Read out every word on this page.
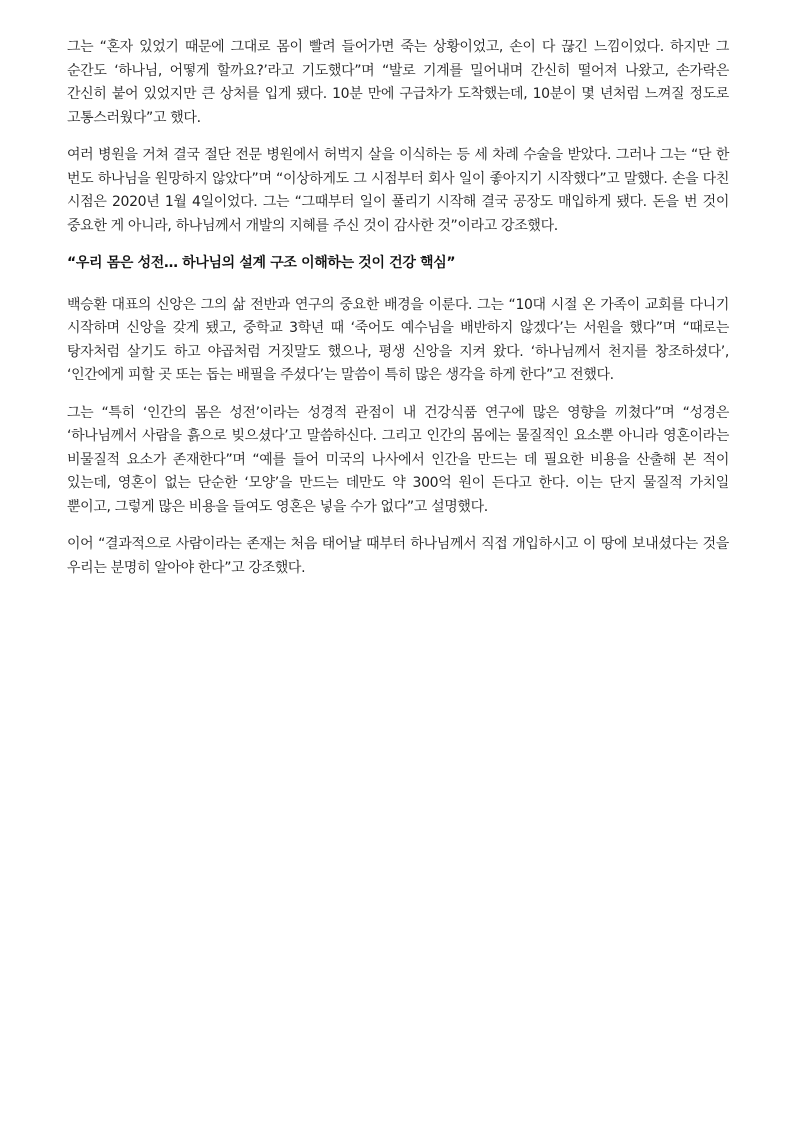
그는 “혼자 있었기 때문에 그대로 몸이 빨려 들어가면 죽는 상황이었고, 손이 다 끊긴 느낌이었다. 하지만 그 순간도 ‘하나님, 어떻게 할까요?’라고 기도했다”며 “발로 기계를 밀어내며 간신히 떨어져 나왔고, 손가락은 간신히 붙어 있었지만 큰 상처를 입게 됐다. 10분 만에 구급차가 도착했는데, 10분이 몇 년처럼 느껴질 정도로 고통스러웠다”고 했다.

여러 병원을 거쳐 결국 절단 전문 병원에서 허벅지 살을 이식하는 등 세 차례 수술을 받았다. 그러나 그는 “단 한 번도 하나님을 원망하지 않았다”며 “이상하게도 그 시점부터 회사 일이 좋아지기 시작했다”고 말했다. 손을 다친 시점은 2020년 1월 4일이었다. 그는 “그때부터 일이 풀리기 시작해 결국 공장도 매입하게 됐다. 돈을 번 것이 중요한 게 아니라, 하나님께서 개발의 지혜를 주신 것이 감사한 것”이라고 강조했다.

“우리 몸은 성전… 하나님의 설계 구조 이해하는 것이 건강 핵심”

백승환 대표의 신앙은 그의 삶 전반과 연구의 중요한 배경을 이룬다. 그는 “10대 시절 온 가족이 교회를 다니기 시작하며 신앙을 갖게 됐고, 중학교 3학년 때 ‘죽어도 예수님을 배반하지 않겠다’는 서원을 했다”며 “때로는 탕자처럼 살기도 하고 야곱처럼 거짓말도 했으나, 평생 신앙을 지켜 왔다. ‘하나님께서 천지를 창조하셨다’, ‘인간에게 피할 곳 또는 돕는 배필을 주셨다’는 말씀이 특히 많은 생각을 하게 한다”고 전했다.

그는 “특히 ‘인간의 몸은 성전’이라는 성경적 관점이 내 건강식품 연구에 많은 영향을 끼쳤다”며 “성경은 ‘하나님께서 사람을 흙으로 빚으셨다’고 말씀하신다. 그리고 인간의 몸에는 물질적인 요소뿐 아니라 영혼이라는 비물질적 요소가 존재한다”며 “예를 들어 미국의 나사에서 인간을 만드는 데 필요한 비용을 산출해 본 적이 있는데, 영혼이 없는 단순한 ‘모양’을 만드는 데만도 약 300억 원이 든다고 한다. 이는 단지 물질적 가치일 뿐이고, 그렇게 많은 비용을 들여도 영혼은 넣을 수가 없다”고 설명했다.

이어 “결과적으로 사람이라는 존재는 처음 태어날 때부터 하나님께서 직접 개입하시고 이 땅에 보내셨다는 것을 우리는 분명히 알아야 한다”고 강조했다.
